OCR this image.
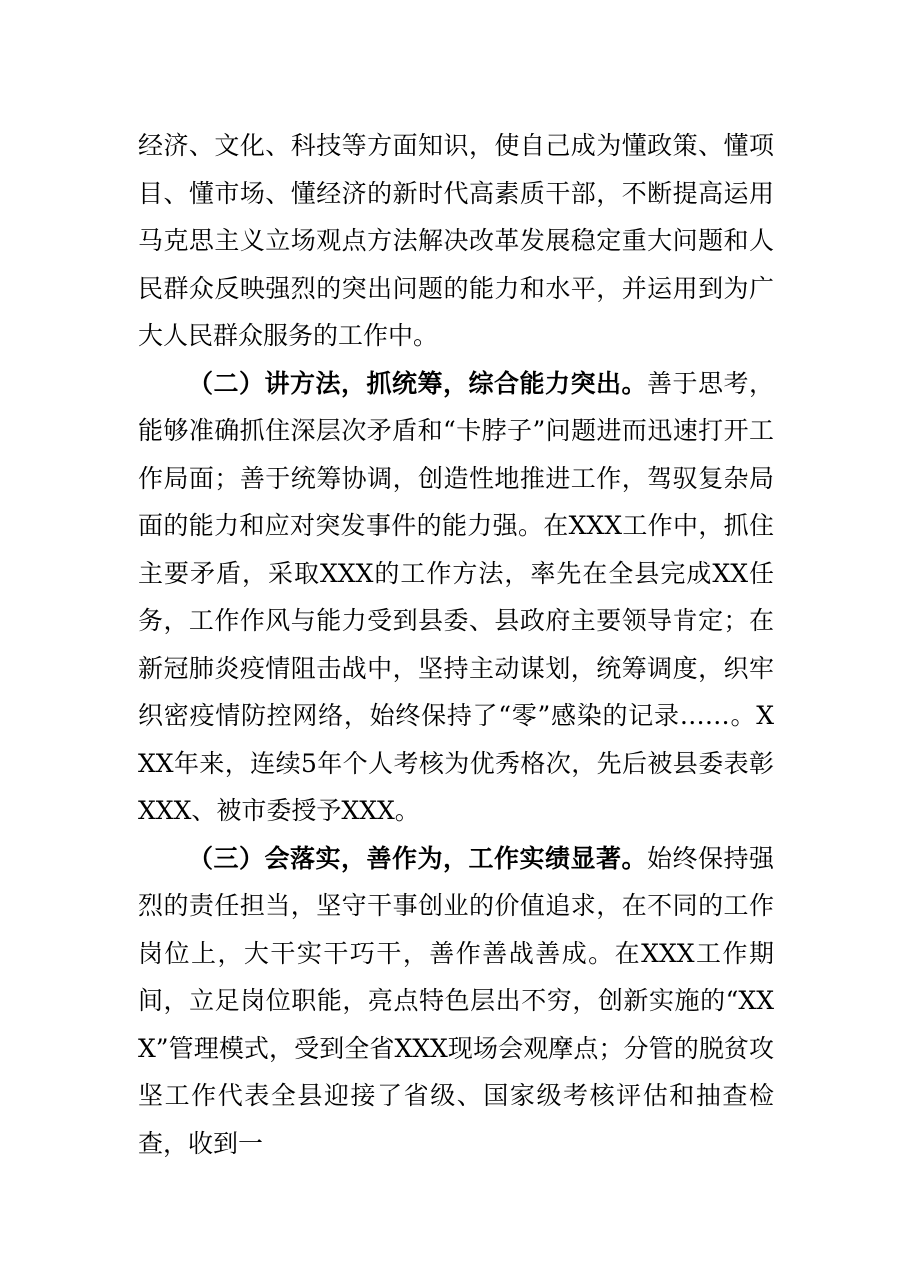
经济、文化、科技等方面知识，使自己成为懂政策、懂项目、懂市场、懂经济的新时代高素质干部，不断提高运用马克思主义立场观点方法解决改革发展稳定重大问题和人民群众反映强烈的突出问题的能力和水平，并运用到为广大人民群众服务的工作中。

（二）讲方法，抓统筹，综合能力突出。善于思考，能够准确抓住深层次矛盾和“卡脖子”问题进而迅速打开工作局面；善于统筹协调，创造性地推进工作，驾驭复杂局面的能力和应对突发事件的能力强。在XXX工作中，抓住主要矛盾，采取XXX的工作方法，率先在全县完成XX任务，工作作风与能力受到县委、县政府主要领导肯定；在新冠肺炎疫情阻击战中，坚持主动谋划，统筹调度，织牢织密疫情防控网络，始终保持了“零”感染的记录……。XXX年来，连续5年个人考核为优秀格次，先后被县委表彰XXX、被市委授予XXX。

（三）会落实，善作为，工作实绩显著。始终保持强烈的责任担当，坚守干事创业的价值追求，在不同的工作岗位上，大干实干巧干，善作善战善成。在XXX工作期间，立足岗位职能，亮点特色层出不穷，创新实施的“XXX”管理模式，受到全省XXX现场会观摩点；分管的脱贫攻坚工作代表全县迎接了省级、国家级考核评估和抽查检查，收到一
